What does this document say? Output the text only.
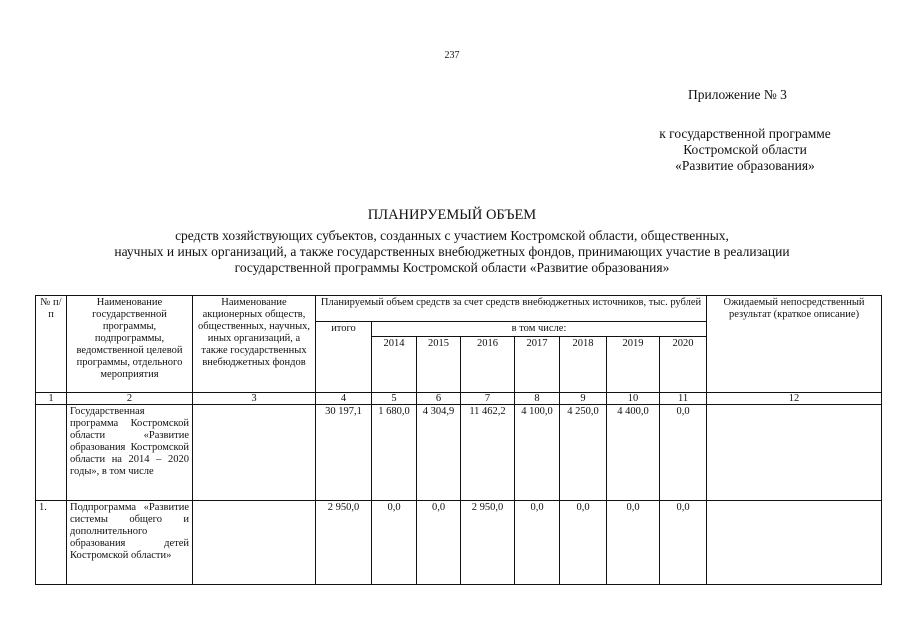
237
Приложение № 3
к государственной программе
Костромской области
«Развитие образования»
ПЛАНИРУЕМЫЙ ОБЪЕМ
средств хозяйствующих субъектов, созданных с участием Костромской области, общественных,
научных и иных организаций, а также государственных внебюджетных фондов, принимающих участие в реализации
государственной программы Костромской области «Развитие образования»
№ п/п	Наименование государственной программы, подпрограммы, ведомственной целевой программы, отдельного мероприятия	Наименование акционерных обществ, общественных, научных, иных организаций, а также государственных внебюджетных фондов	Планируемый объем средств за счет средств внебюджетных источников, тыс. рублей								Ожидаемый непосредственный результат (краткое описание)
			итого	в том числе:							
				2014	2015	2016	2017	2018	2019	2020	
1	2	3	4	5	6	7	8	9	10	11	12
	Государственная программа Костромской области «Развитие образования Костромской области на 2014 – 2020 годы», в том числе		30 197,1	1 680,0	4 304,9	11 462,2	4 100,0	4 250,0	4 400,0	0,0	
1.	Подпрограмма «Развитие системы общего и дополнительного образования детей Костромской области»		2 950,0	0,0	0,0	2 950,0	0,0	0,0	0,0	0,0	
